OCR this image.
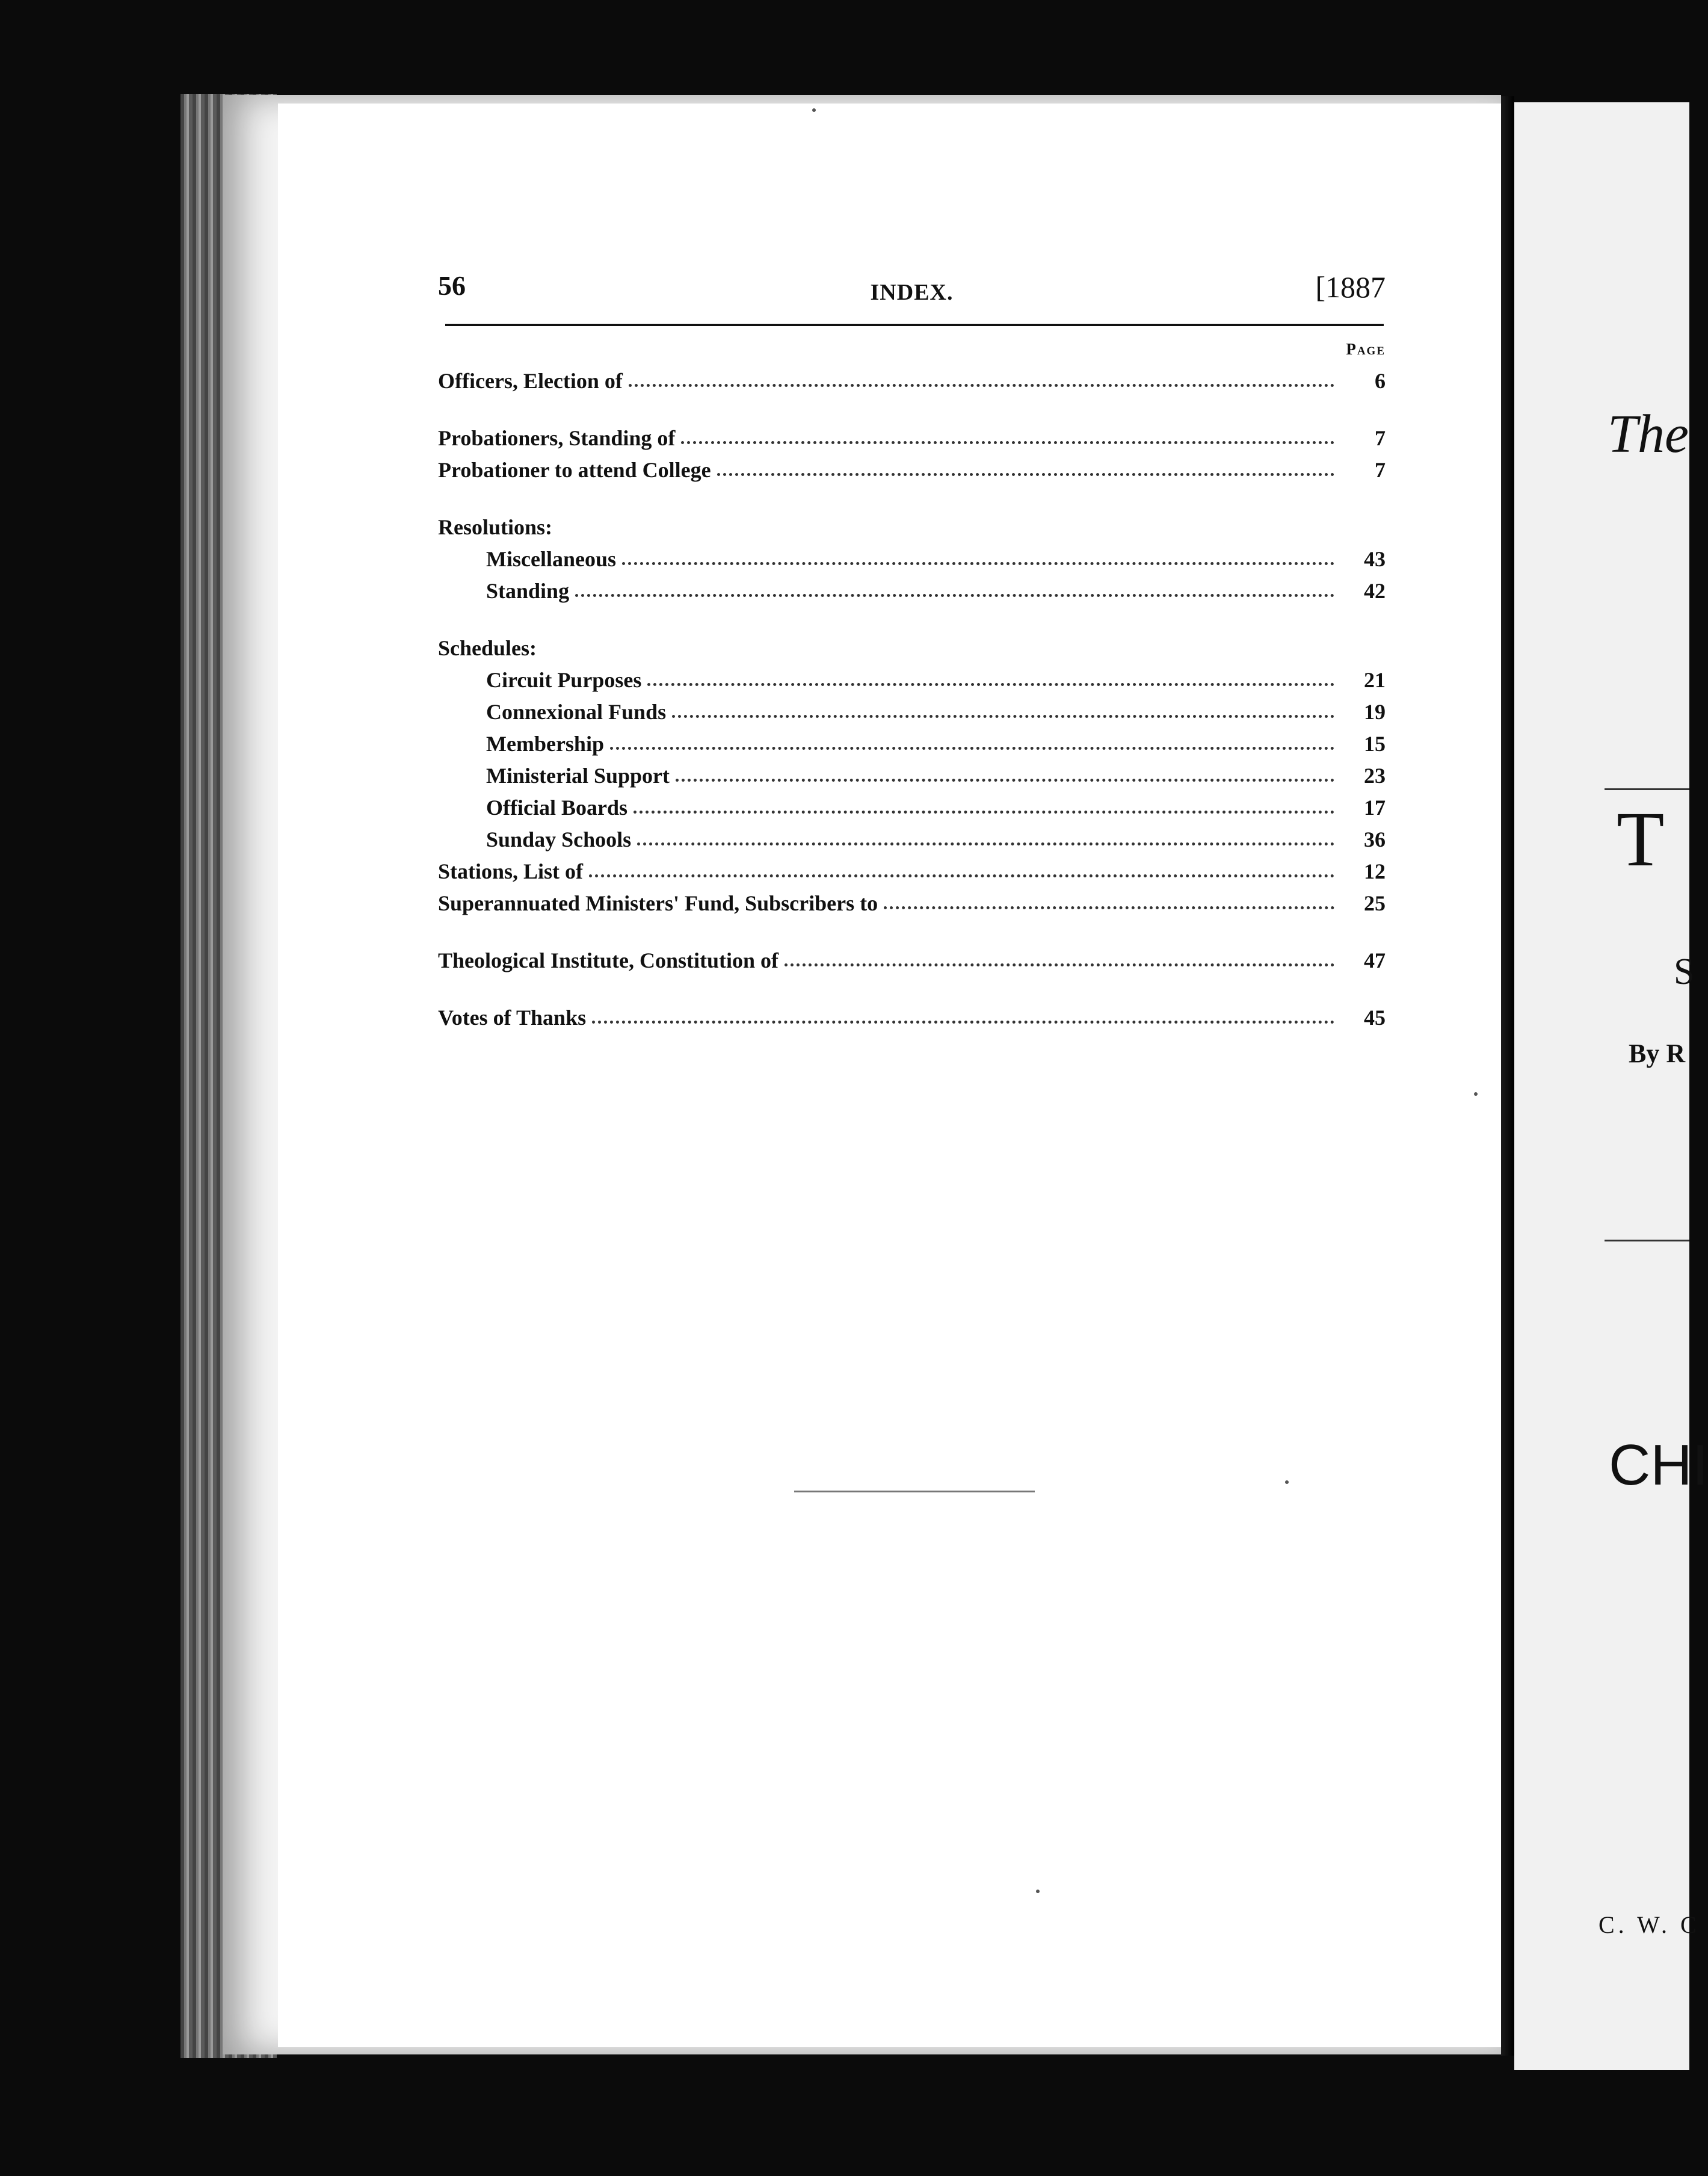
The
T
S
By R
CHI
C. W. C
56	INDEX.	[1887
Page
Officers, Election of	6
Probationers, Standing of	7
Probationer to attend College	7
Resolutions:
Miscellaneous	43
Standing	42
Schedules:
Circuit Purposes	21
Connexional Funds	19
Membership	15
Ministerial Support	23
Official Boards	17
Sunday Schools	36
Stations, List of	12
Superannuated Ministers' Fund, Subscribers to	25
Theological Institute, Constitution of	47
Votes of Thanks	45
